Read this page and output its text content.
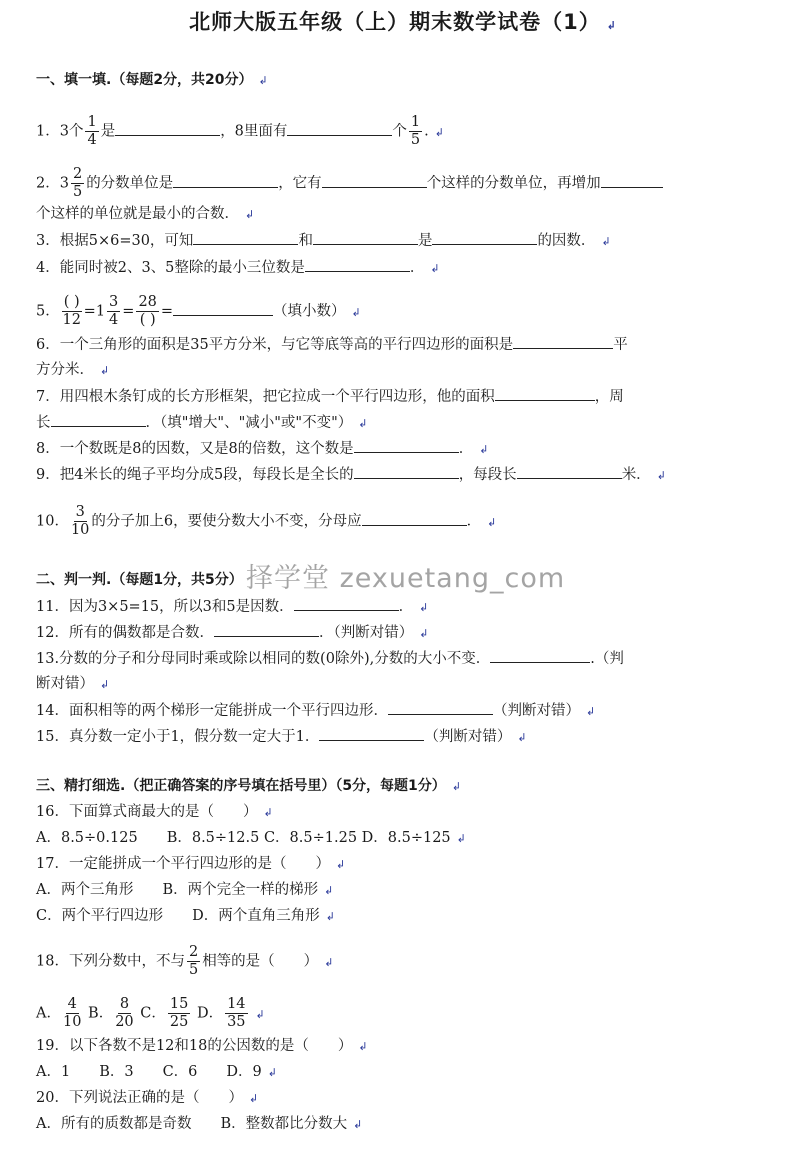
北师大版五年级（上）期末数学试卷（1） ↲
一、填一填.（每题2分，共20分） ↲
1．3个 $\frac{1}{4}$ 是	，8里面有	个 $\frac{1}{5}$ . ↲
2．$3 \frac{2}{5}$ 的分数单位是	，它有	个这样的分数单位，再增加
个这样的单位就是最小的合数． ↲
3．根据5×6=30，可知	和	是	的因数． ↲
4．能同时被2、3、5整除的最小三位数是	． ↲
5． $\frac{( )}{12} =1 \frac{3}{4} = \frac{28}{( )}$ =	（填小数） ↲
6．一个三角形的面积是35平方分米，与它等底等高的平行四边形的面积是	平
方分米． ↲
7．用四根木条钉成的长方形框架，把它拉成一个平行四边形，他的面积	，周
长	．（填"增大"、"减小"或"不变"） ↲
8．一个数既是8的因数，又是8的倍数，这个数是	． ↲
9．把4米长的绳子平均分成5段，每段长是全长的	，每段长	米． ↲
10． $\frac{3}{10}$ 的分子加上6，要使分数大小不变，分母应	． ↲
择学堂 zexuetang_com
二、判一判.（每题1分，共5分）
11．因为3×5=15，所以3和5是因数．	． ↲
12．所有的偶数都是合数．	．（判断对错） ↲
13.分数的分子和分母同时乘或除以相同的数(0除外),分数的大小不变．	.（判
断对错） ↲
14．面积相等的两个梯形一定能拼成一个平行四边形．	（判断对错） ↲
15．真分数一定小于1，假分数一定大于1．	（判断对错） ↲
三、精打细选.（把正确答案的序号填在括号里）（5分，每题1分） ↲
16．下面算式商最大的是（　　） ↲
A．8.5÷0.125　　B．8.5÷12.5 C．8.5÷1.25 D．8.5÷125 ↲
17．一定能拼成一个平行四边形的是（　　） ↲
A．两个三角形　　B．两个完全一样的梯形 ↲
C．两个平行四边形　　D．两个直角三角形 ↲
18．下列分数中，不与 $\frac{2}{5}$ 相等的是（　　） ↲
A． $\frac{4}{10}$ B． $\frac{8}{20}$ C． $\frac{15}{25}$ D． $\frac{14}{35}$ ↲
19．以下各数不是12和18的公因数的是（　　） ↲
A．1　　B．3　　C．6　　D．9 ↲
20．下列说法正确的是（　　） ↲
A．所有的质数都是奇数　　B．整数都比分数大 ↲
